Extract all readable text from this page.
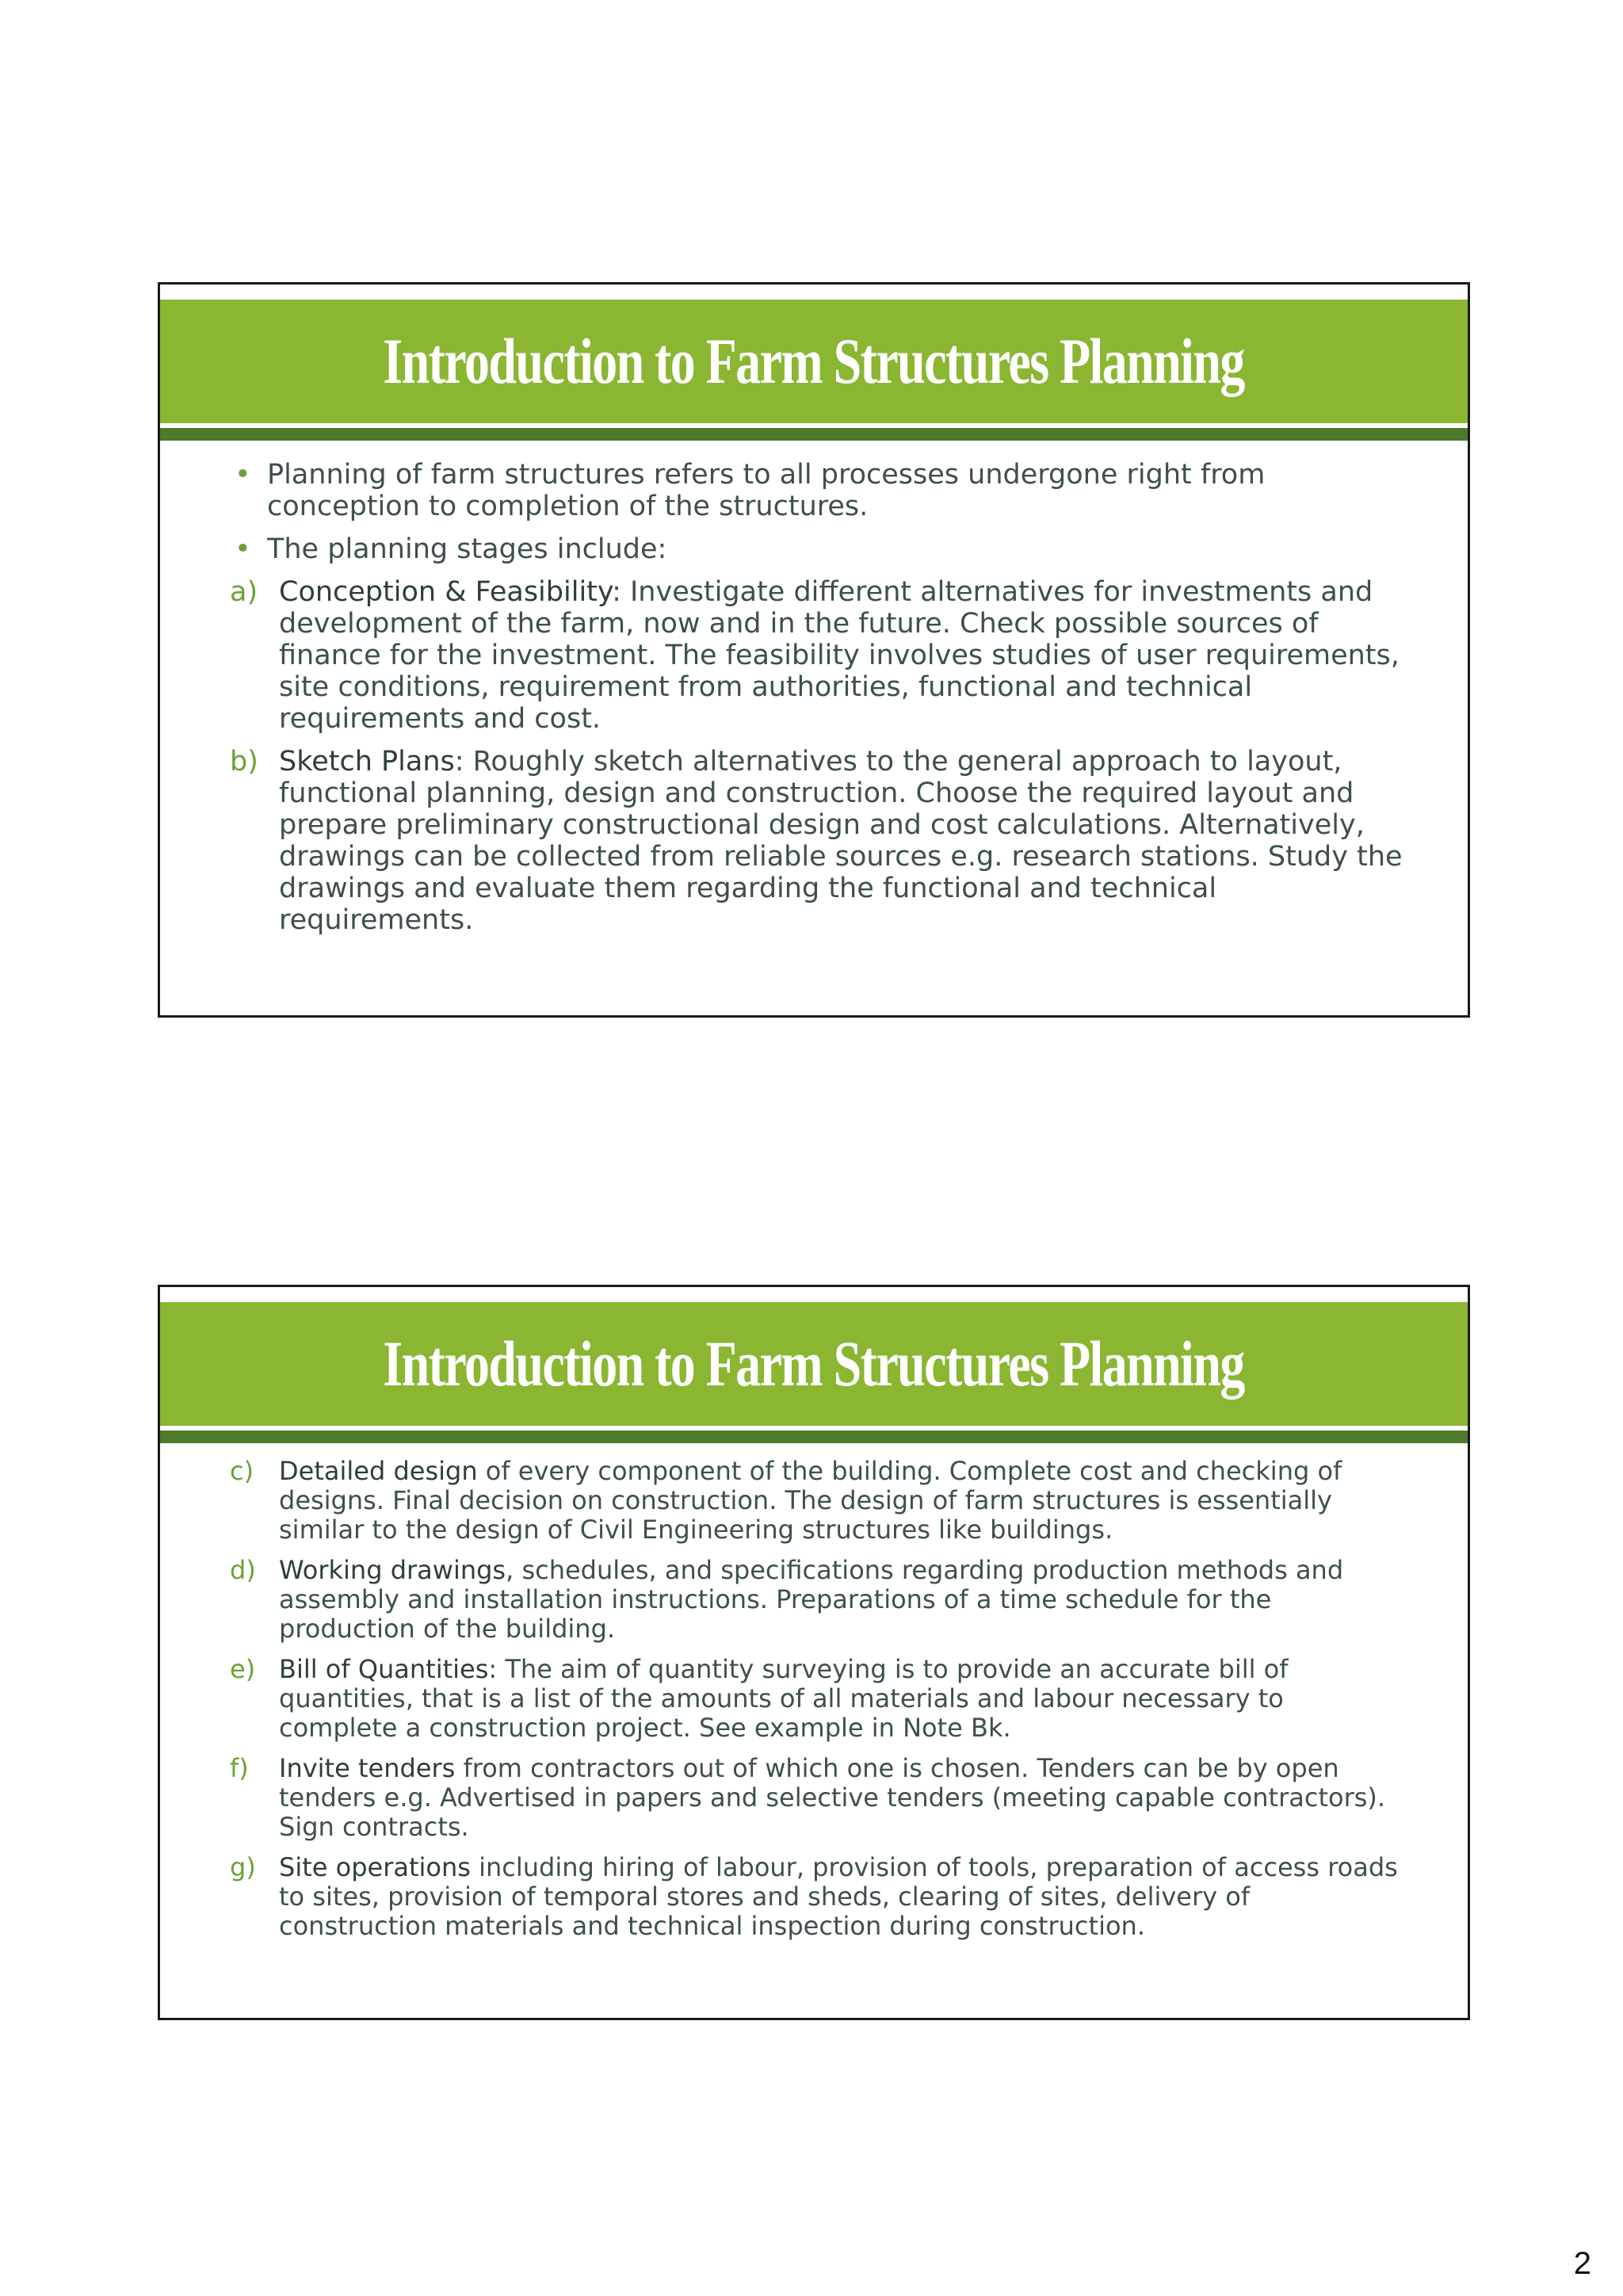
Introduction to Farm Structures Planning
• Planning of farm structures refers to all processes undergone right from conception to completion of the structures.
• The planning stages include:
a) Conception & Feasibility: Investigate different alternatives for investments and development of the farm, now and in the future. Check possible sources of finance for the investment. The feasibility involves studies of user requirements, site conditions, requirement from authorities, functional and technical requirements and cost.
b) Sketch Plans: Roughly sketch alternatives to the general approach to layout, functional planning, design and construction. Choose the required layout and prepare preliminary constructional design and cost calculations. Alternatively, drawings can be collected from reliable sources e.g. research stations. Study the drawings and evaluate them regarding the functional and technical requirements.
Introduction to Farm Structures Planning
c) Detailed design of every component of the building. Complete cost and checking of designs. Final decision on construction. The design of farm structures is essentially similar to the design of Civil Engineering structures like buildings.
d) Working drawings, schedules, and specifications regarding production methods and assembly and installation instructions. Preparations of a time schedule for the production of the building.
e) Bill of Quantities: The aim of quantity surveying is to provide an accurate bill of quantities, that is a list of the amounts of all materials and labour necessary to complete a construction project. See example in Note Bk.
f) Invite tenders from contractors out of which one is chosen. Tenders can be by open tenders e.g. Advertised in papers and selective tenders (meeting capable contractors). Sign contracts.
g) Site operations including hiring of labour, provision of tools, preparation of access roads to sites, provision of temporal stores and sheds, clearing of sites, delivery of construction materials and technical inspection during construction.
2
